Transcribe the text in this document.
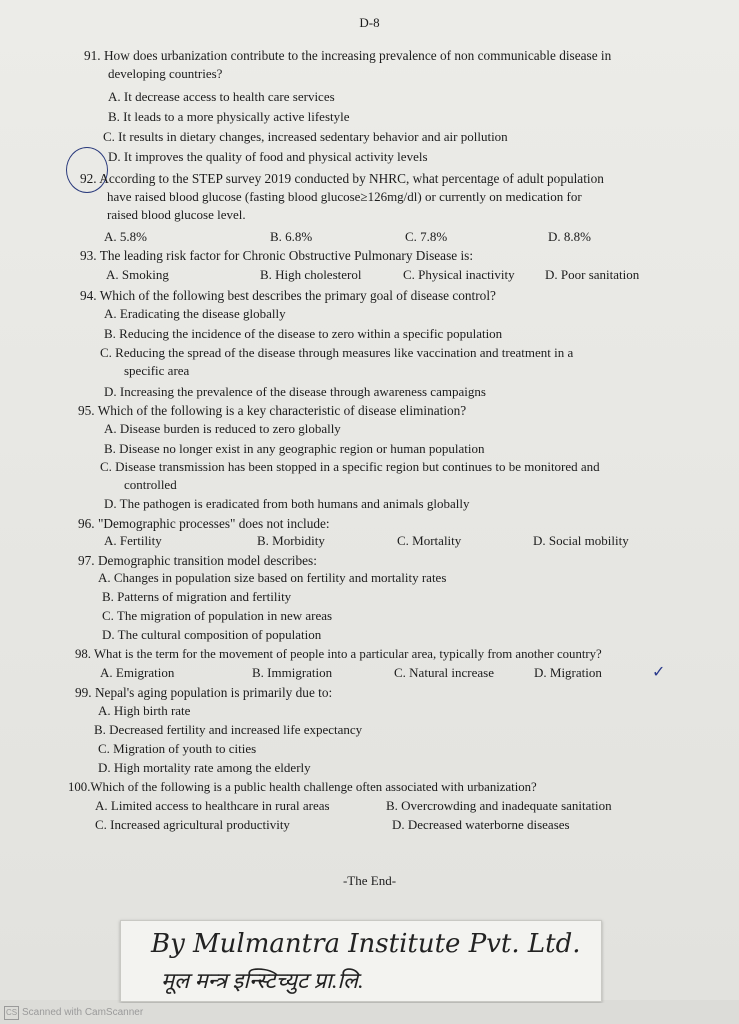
D-8
91. How does urbanization contribute to the increasing prevalence of non communicable disease in
developing countries?
A. It decrease access to health care services
B. It leads to a more physically active lifestyle
C. It results in dietary changes, increased sedentary behavior and air pollution
D. It improves the quality of food and physical activity levels
92. According to the STEP survey 2019 conducted by NHRC, what percentage of adult population
have raised blood glucose (fasting blood glucose≥126mg/dl) or currently on medication for
raised blood glucose level.
A. 5.8%	B. 6.8%	C. 7.8%	D. 8.8%
93. The leading risk factor for Chronic Obstructive Pulmonary Disease is:
A. Smoking	B. High cholesterol	C. Physical inactivity D. Poor sanitation
94. Which of the following best describes the primary goal of disease control?
A. Eradicating the disease globally
B. Reducing the incidence of the disease to zero within a specific population
C. Reducing the spread of the disease through measures like vaccination and treatment in a
specific area
D. Increasing the prevalence of the disease through awareness campaigns
95. Which of the following is a key characteristic of disease elimination?
A. Disease burden is reduced to zero globally
B. Disease no longer exist in any geographic region or human population
C. Disease transmission has been stopped in a specific region but continues to be monitored and
controlled
D. The pathogen is eradicated from both humans and animals globally
96. "Demographic processes" does not include:
A. Fertility	B. Morbidity	C. Mortality	D. Social mobility
97. Demographic transition model describes:
A. Changes in population size based on fertility and mortality rates
B. Patterns of migration and fertility
C. The migration of population in new areas
D. The cultural composition of population
98. What is the term for the movement of people into a particular area, typically from another country?
A. Emigration	B. Immigration	C. Natural increase	D. Migration	✓
99. Nepal's aging population is primarily due to:
A. High birth rate
B. Decreased fertility and increased life expectancy
C. Migration of youth to cities
D. High mortality rate among the elderly
100.Which of the following is a public health challenge often associated with urbanization?
A. Limited access to healthcare in rural areas	B. Overcrowding and inadequate sanitation
C. Increased agricultural productivity	D. Decreased waterborne diseases
-The End-
By Mulmantra Institute Pvt. Ltd.
मूल मन्त्र इन्स्टिच्युट प्रा.लि.
CS Scanned with CamScanner
